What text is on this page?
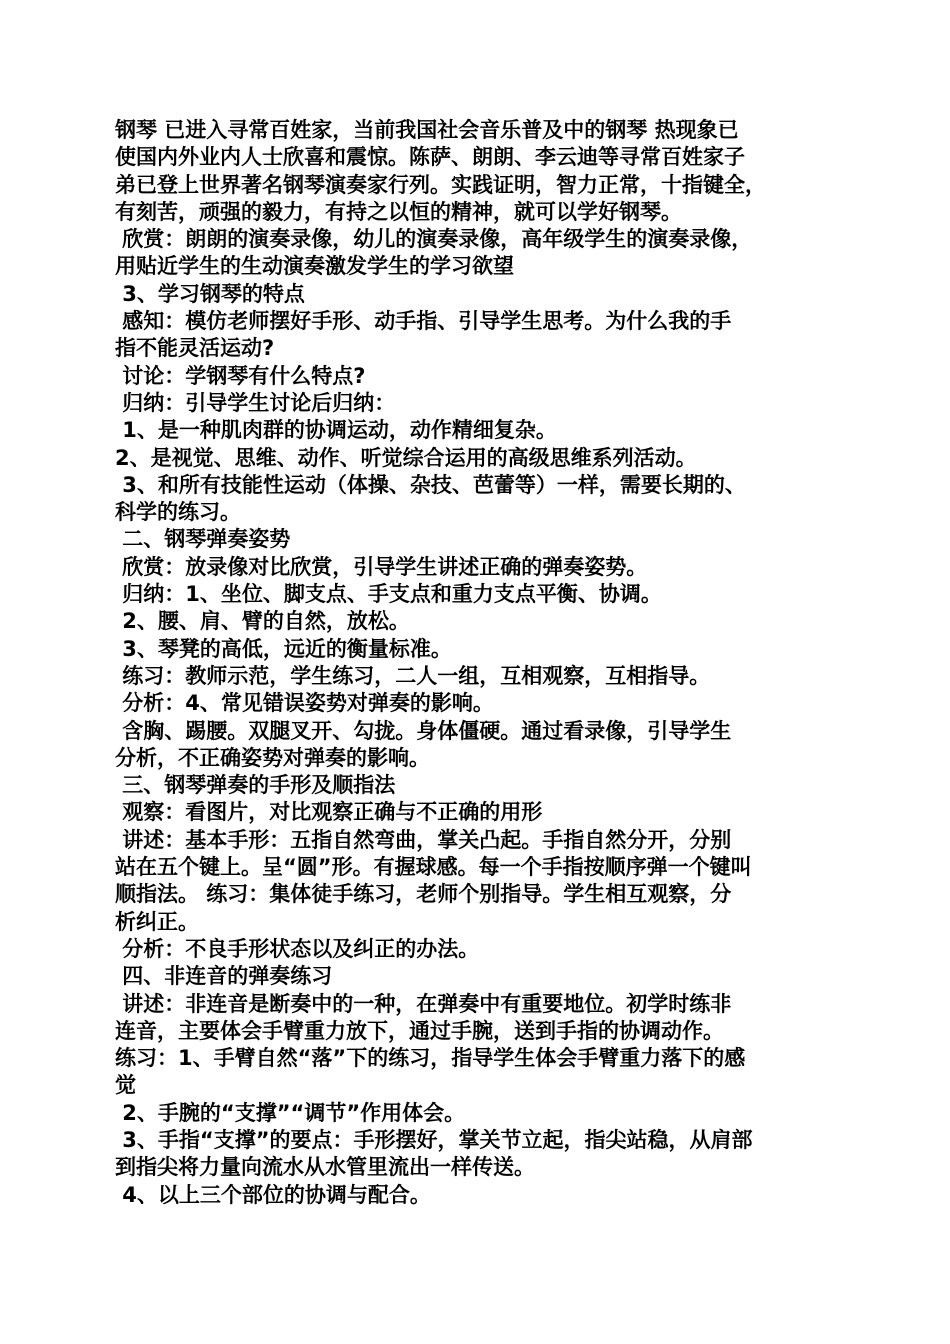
钢琴 已进入寻常百姓家，当前我国社会音乐普及中的钢琴 热现象已

使国内外业内人士欣喜和震惊。陈萨、朗朗、李云迪等寻常百姓家子

弟已登上世界著名钢琴演奏家行列。实践证明，智力正常，十指键全，

有刻苦，顽强的毅力，有持之以恒的精神，就可以学好钢琴。

欣赏：朗朗的演奏录像，幼儿的演奏录像，高年级学生的演奏录像，

用贴近学生的生动演奏激发学生的学习欲望

3、学习钢琴的特点

感知：模仿老师摆好手形、动手指、引导学生思考。为什么我的手

指不能灵活运动?

讨论：学钢琴有什么特点?

归纳：引导学生讨论后归纳：

1、是一种肌肉群的协调运动，动作精细复杂。

2、是视觉、思维、动作、听觉综合运用的高级思维系列活动。

3、和所有技能性运动（体操、杂技、芭蕾等）一样，需要长期的、

科学的练习。

二、钢琴弹奏姿势

欣赏：放录像对比欣赏，引导学生讲述正确的弹奏姿势。

归纳：1、坐位、脚支点、手支点和重力支点平衡、协调。

2、腰、肩、臂的自然，放松。

3、琴凳的高低，远近的衡量标准。

练习：教师示范，学生练习，二人一组，互相观察，互相指导。

分析：4、常见错误姿势对弹奏的影响。

含胸、踢腰。双腿叉开、勾拢。身体僵硬。通过看录像，引导学生

分析，不正确姿势对弹奏的影响。

三、钢琴弹奏的手形及顺指法

观察：看图片，对比观察正确与不正确的用形

讲述：基本手形：五指自然弯曲，掌关凸起。手指自然分开，分别

站在五个键上。呈“圆”形。有握球感。每一个手指按顺序弹一个键叫

顺指法。 练习：集体徒手练习，老师个别指导。学生相互观察，分

析纠正。

分析：不良手形状态以及纠正的办法。

四、非连音的弹奏练习

讲述：非连音是断奏中的一种，在弹奏中有重要地位。初学时练非

连音，主要体会手臂重力放下，通过手腕，送到手指的协调动作。

练习：1、手臂自然“落”下的练习，指导学生体会手臂重力落下的感

觉

2、手腕的“支撑”“调节”作用体会。

3、手指“支撑”的要点：手形摆好，掌关节立起，指尖站稳，从肩部

到指尖将力量向流水从水管里流出一样传送。

4、以上三个部位的协调与配合。
